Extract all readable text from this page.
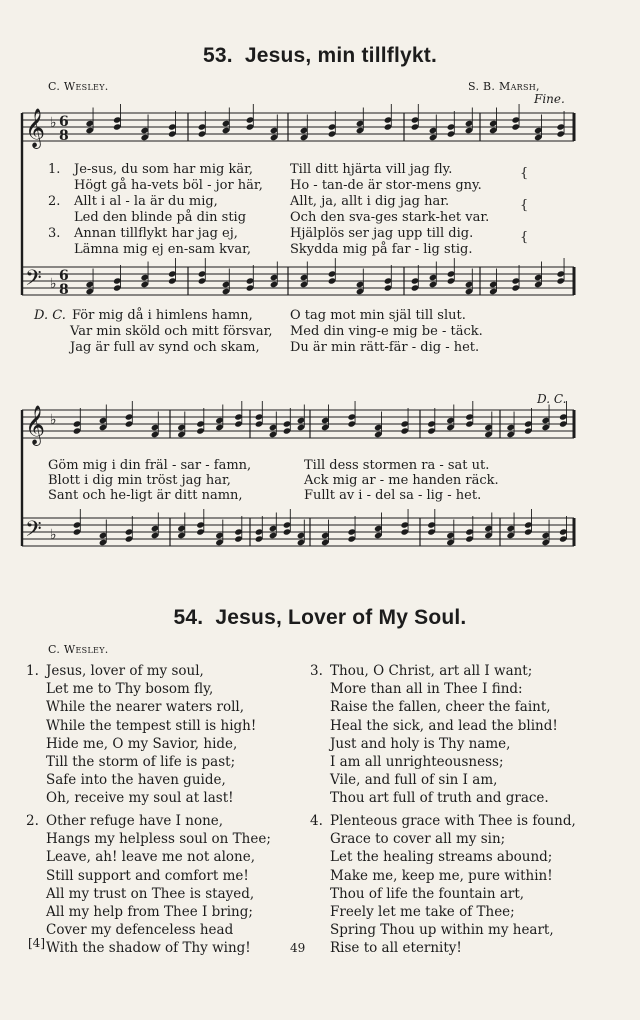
53. Jesus, min tillflykt.
C. Wesley.	S. B. Marsh,
Fine.
𝄞
𝄢
♭
♭
6
8
6
8
𝄞
𝄢
♭
♭
1. Je-sus, du som har mig kär,	Till ditt hjärta vill jag fly.
Högt gå ha-vets böl - jor här, Ho - tan-de är stor-mens gny.
2. Allt i al - la är du mig,	Allt, ja, allt i dig jag har.
Led den blinde på din stig	Och den sva-ges stark-het var.
3. Annan tillflykt har jag ej,	Hjälplös ser jag upp till dig.
Lämna mig ej en-sam kvar,	Skydda mig på far - lig stig.
{
{
{
D. C. För mig då i himlens hamn,	O tag mot min själ till slut.
Var min sköld och mitt försvar, Med din ving-e mig be - täck.
Jag är full av synd och skam, Du är min rätt-fär - dig - het.
D. C.
Göm mig i din fräl - sar - famn,	Till dess stormen ra - sat ut.
Blott i dig min tröst jag har,	Ack mig ar - me handen räck.
Sant och he-ligt är ditt namn,	Fullt av i - del sa - lig - het.
54. Jesus, Lover of My Soul.
C. Wesley.
1. Jesus, lover of my soul,
Let me to Thy bosom fly,
While the nearer waters roll,
While the tempest still is high!
Hide me, O my Savior, hide,
Till the storm of life is past;
Safe into the haven guide,
Oh, receive my soul at last!
3. Thou, O Christ, art all I want;
More than all in Thee I find:
Raise the fallen, cheer the faint,
Heal the sick, and lead the blind!
Just and holy is Thy name,
I am all unrighteousness;
Vile, and full of sin I am,
Thou art full of truth and grace.
2. Other refuge have I none,
Hangs my helpless soul on Thee;
Leave, ah! leave me not alone,
Still support and comfort me!
All my trust on Thee is stayed,
All my help from Thee I bring;
Cover my defenceless head
With the shadow of Thy wing!
4. Plenteous grace with Thee is found,
Grace to cover all my sin;
Let the healing streams abound;
Make me, keep me, pure within!
Thou of life the fountain art,
Freely let me take of Thee;
Spring Thou up within my heart,
Rise to all eternity!
[4]	49
